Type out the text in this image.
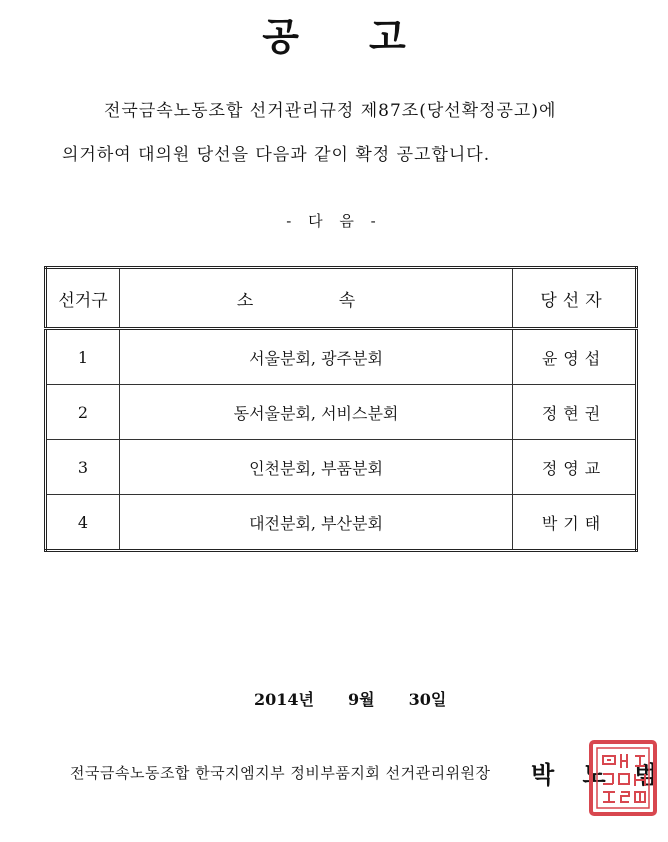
공고
전국금속노동조합 선거관리규정 제87조(당선확정공고)에
의거하여 대의원 당선을 다음과 같이 확정 공고합니다.
- 다 음 -
선거구	소 속	당선자
1	서울분회, 광주분회	윤영섭
2	동서울분회, 서비스분회	정현권
3	인천분회, 부품분회	정영교
4	대전분회, 부산분회	박기태
2014년 9월 30일
전국금속노동조합 한국지엠지부 정비부품지회 선거관리위원장 박 노 범
